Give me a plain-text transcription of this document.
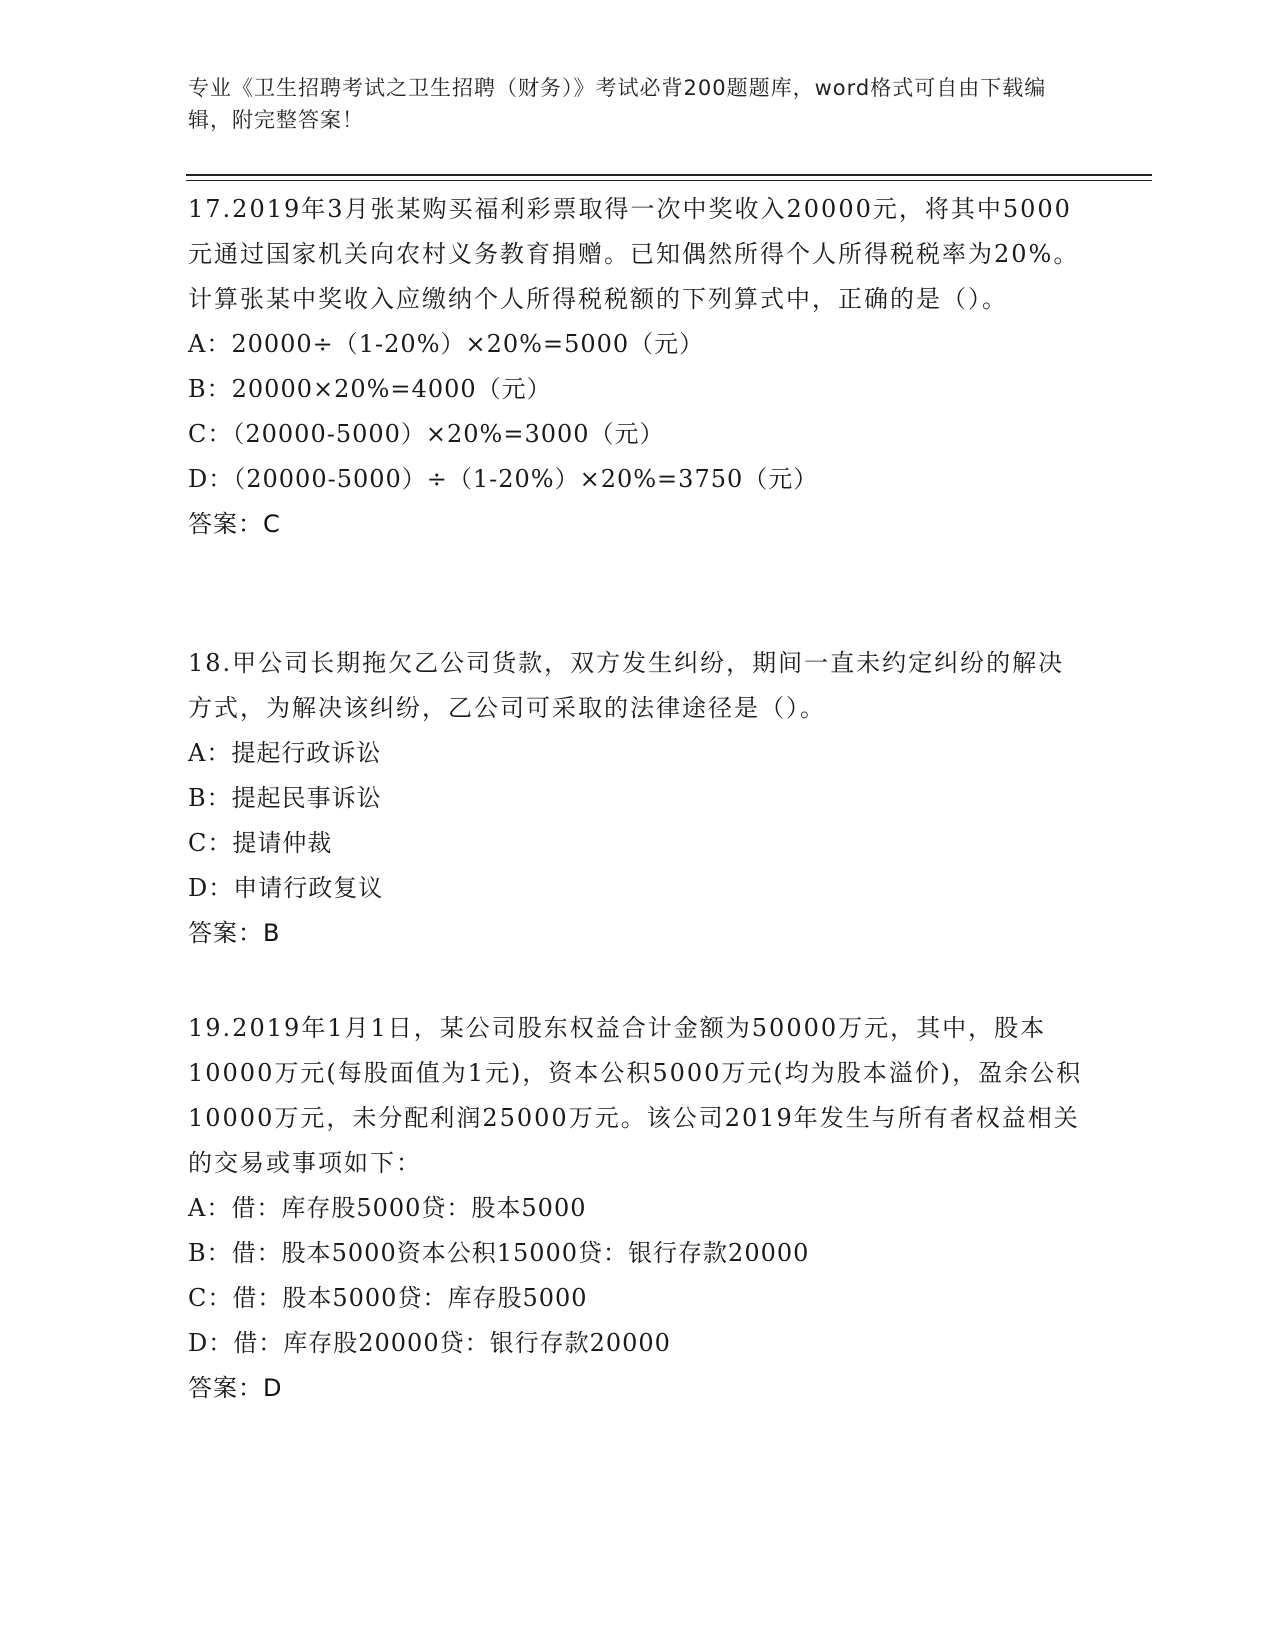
专业《卫生招聘考试之卫生招聘（财务）》考试必背200题题库，word格式可自由下载编辑，附完整答案！

17.2019年3月张某购买福利彩票取得一次中奖收入20000元，将其中5000元通过国家机关向农村义务教育捐赠。已知偶然所得个人所得税税率为20%。计算张某中奖收入应缴纳个人所得税税额的下列算式中，正确的是（）。

A：20000÷（1-20%）×20%=5000（元）

B：20000×20%=4000（元）

C：（20000-5000）×20%=3000（元）

D：（20000-5000）÷（1-20%）×20%=3750（元）

答案：C

18.甲公司长期拖欠乙公司货款，双方发生纠纷，期间一直未约定纠纷的解决方式，为解决该纠纷，乙公司可采取的法律途径是（）。

A：提起行政诉讼

B：提起民事诉讼

C：提请仲裁

D：申请行政复议

答案：B

19.2019年1月1日，某公司股东权益合计金额为50000万元，其中，股本10000万元(每股面值为1元)，资本公积5000万元(均为股本溢价)，盈余公积10000万元，未分配利润25000万元。该公司2019年发生与所有者权益相关的交易或事项如下：

A：借：库存股5000贷：股本5000

B：借：股本5000资本公积15000贷：银行存款20000

C：借：股本5000贷：库存股5000

D：借：库存股20000贷：银行存款20000

答案：D
